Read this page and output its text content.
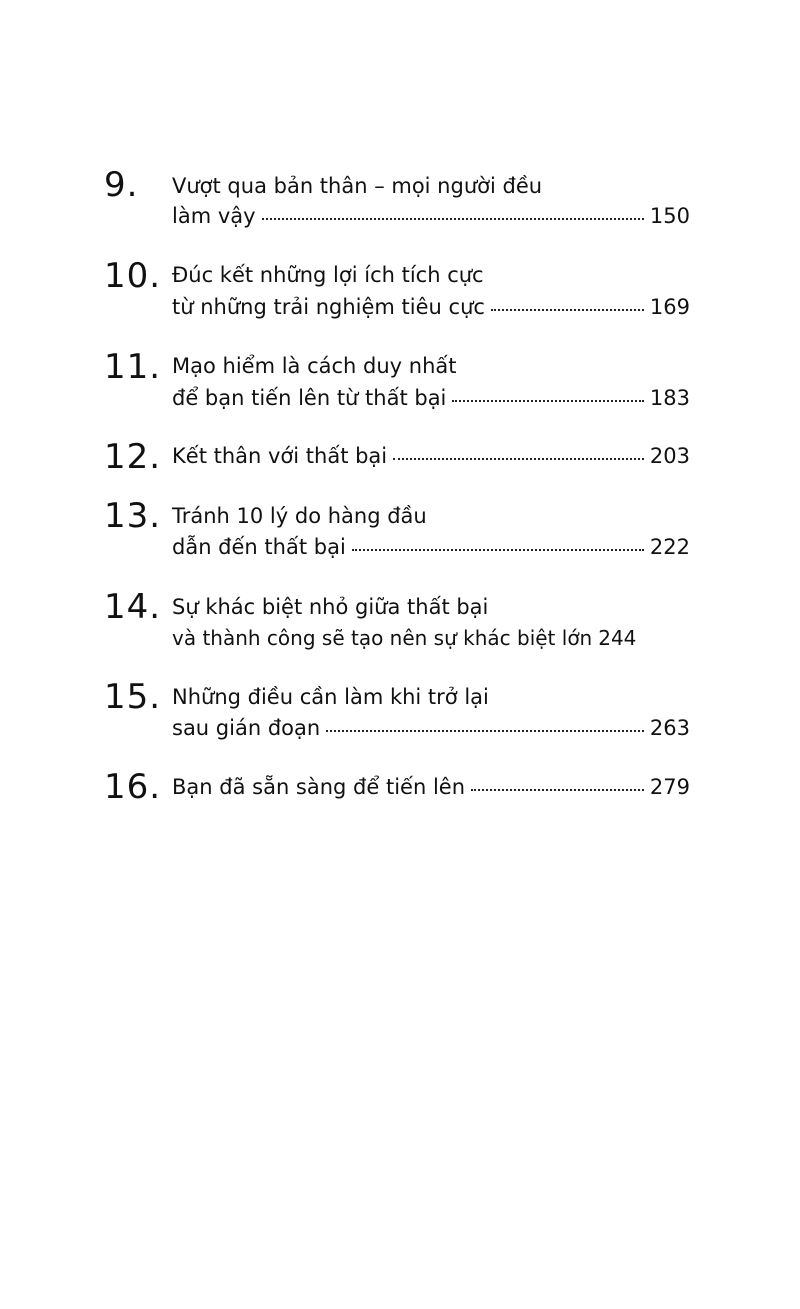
9. Vượt qua bản thân – mọi người đều
làm vậy	150
10. Đúc kết những lợi ích tích cực
từ những trải nghiệm tiêu cực	169
11. Mạo hiểm là cách duy nhất
để bạn tiến lên từ thất bại	183
12. Kết thân với thất bại	203
13. Tránh 10 lý do hàng đầu
dẫn đến thất bại	222
14. Sự khác biệt nhỏ giữa thất bại
và thành công sẽ tạo nên sự khác biệt lớn 244
15. Những điều cần làm khi trở lại
sau gián đoạn	263
16. Bạn đã sẵn sàng để tiến lên	279
